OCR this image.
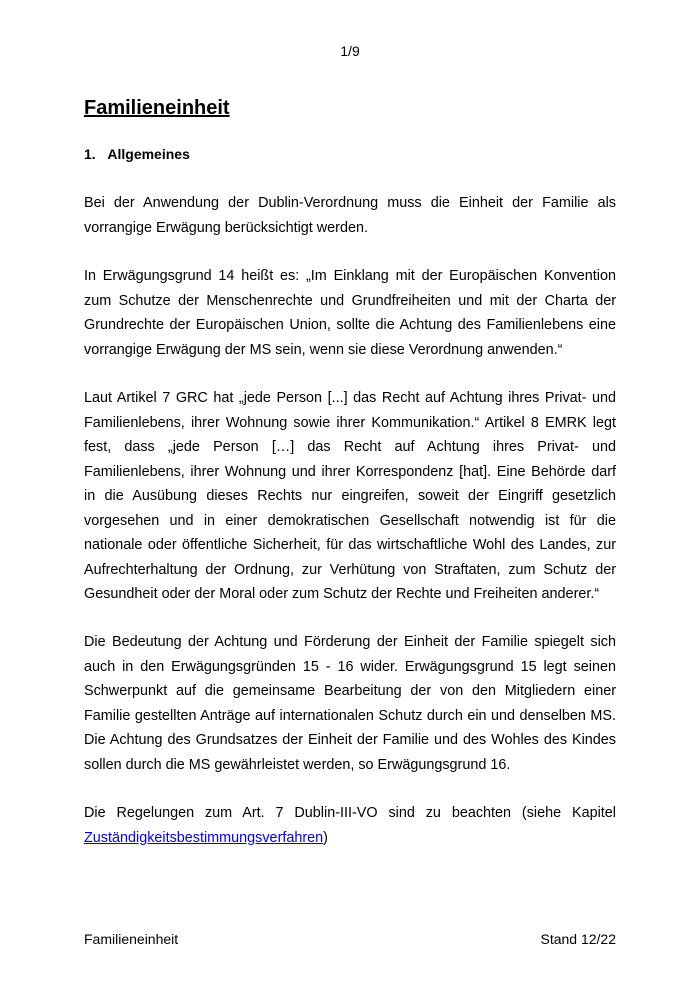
1/9
Familieneinheit
1. Allgemeines

Bei der Anwendung der Dublin-Verordnung muss die Einheit der Familie als vorrangige Erwägung berücksichtigt werden.

In Erwägungsgrund 14 heißt es: „Im Einklang mit der Europäischen Konvention zum Schutze der Menschenrechte und Grundfreiheiten und mit der Charta der Grundrechte der Europäischen Union, sollte die Achtung des Familienlebens eine vorrangige Erwägung der MS sein, wenn sie diese Verordnung anwenden.“

Laut Artikel 7 GRC hat „jede Person [...] das Recht auf Achtung ihres Privat- und Familienlebens, ihrer Wohnung sowie ihrer Kommunikation.“ Artikel 8 EMRK legt fest, dass „jede Person […] das Recht auf Achtung ihres Privat- und Familienlebens, ihrer Wohnung und ihrer Korrespondenz [hat]. Eine Behörde darf in die Ausübung dieses Rechts nur eingreifen, soweit der Eingriff gesetzlich vorgesehen und in einer demokratischen Gesellschaft notwendig ist für die nationale oder öffentliche Sicherheit, für das wirtschaftliche Wohl des Landes, zur Aufrechterhaltung der Ordnung, zur Verhütung von Straftaten, zum Schutz der Gesundheit oder der Moral oder zum Schutz der Rechte und Freiheiten anderer.“

Die Bedeutung der Achtung und Förderung der Einheit der Familie spiegelt sich auch in den Erwägungsgründen 15 - 16 wider. Erwägungsgrund 15 legt seinen Schwerpunkt auf die gemeinsame Bearbeitung der von den Mitgliedern einer Familie gestellten Anträge auf internationalen Schutz durch ein und denselben MS. Die Achtung des Grundsatzes der Einheit der Familie und des Wohles des Kindes sollen durch die MS gewährleistet werden, so Erwägungsgrund 16.

Die Regelungen zum Art. 7 Dublin-III-VO sind zu beachten (siehe Kapitel Zuständigkeitsbestimmungsverfahren)

Familieneinheit	Stand 12/22
